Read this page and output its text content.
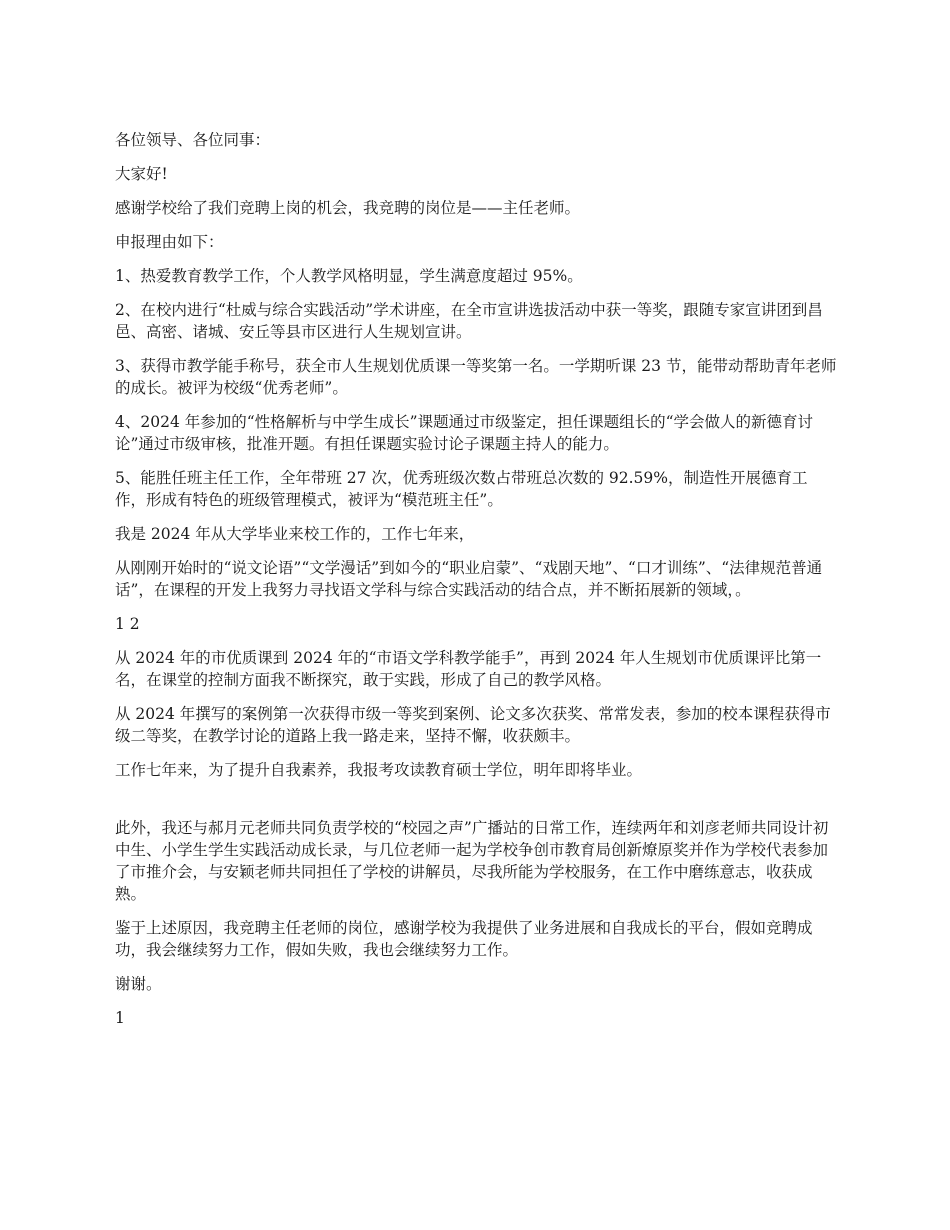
各位领导、各位同事：

大家好!

感谢学校给了我们竞聘上岗的机会，我竞聘的岗位是——主任老师。

申报理由如下：

1、热爱教育教学工作，个人教学风格明显，学生满意度超过 95%。

2、在校内进行“杜威与综合实践活动”学术讲座，在全市宣讲选拔活动中获一等奖，跟随专家宣讲团到昌邑、高密、诸城、安丘等县市区进行人生规划宣讲。

3、获得市教学能手称号，获全市人生规划优质课一等奖第一名。一学期听课 23 节，能带动帮助青年老师的成长。被评为校级“优秀老师”。

4、2024 年参加的“性格解析与中学生成长”课题通过市级鉴定，担任课题组长的“学会做人的新德育讨论”通过市级审核，批准开题。有担任课题实验讨论子课题主持人的能力。

5、能胜任班主任工作，全年带班 27 次，优秀班级次数占带班总次数的 92.59%，制造性开展德育工作，形成有特色的班级管理模式，被评为“模范班主任”。

我是 2024 年从大学毕业来校工作的，工作七年来，

从刚刚开始时的“说文论语”“文学漫话”到如今的“职业启蒙”、“戏剧天地”、“口才训练”、“法律规范普通话”，在课程的开发上我努力寻找语文学科与综合实践活动的结合点，并不断拓展新的领域，。

1 2

从 2024 年的市优质课到 2024 年的“市语文学科教学能手”，再到 2024 年人生规划市优质课评比第一名，在课堂的控制方面我不断探究，敢于实践，形成了自己的教学风格。

从 2024 年撰写的案例第一次获得市级一等奖到案例、论文多次获奖、常常发表，参加的校本课程获得市级二等奖，在教学讨论的道路上我一路走来，坚持不懈，收获颇丰。

工作七年来，为了提升自我素养，我报考攻读教育硕士学位，明年即将毕业。

此外，我还与郝月元老师共同负责学校的“校园之声”广播站的日常工作，连续两年和刘彦老师共同设计初中生、小学生学生实践活动成长录，与几位老师一起为学校争创市教育局创新燎原奖并作为学校代表参加了市推介会，与安颖老师共同担任了学校的讲解员，尽我所能为学校服务，在工作中磨练意志，收获成熟。

鉴于上述原因，我竞聘主任老师的岗位，感谢学校为我提供了业务进展和自我成长的平台，假如竞聘成功，我会继续努力工作，假如失败，我也会继续努力工作。

谢谢。

1
